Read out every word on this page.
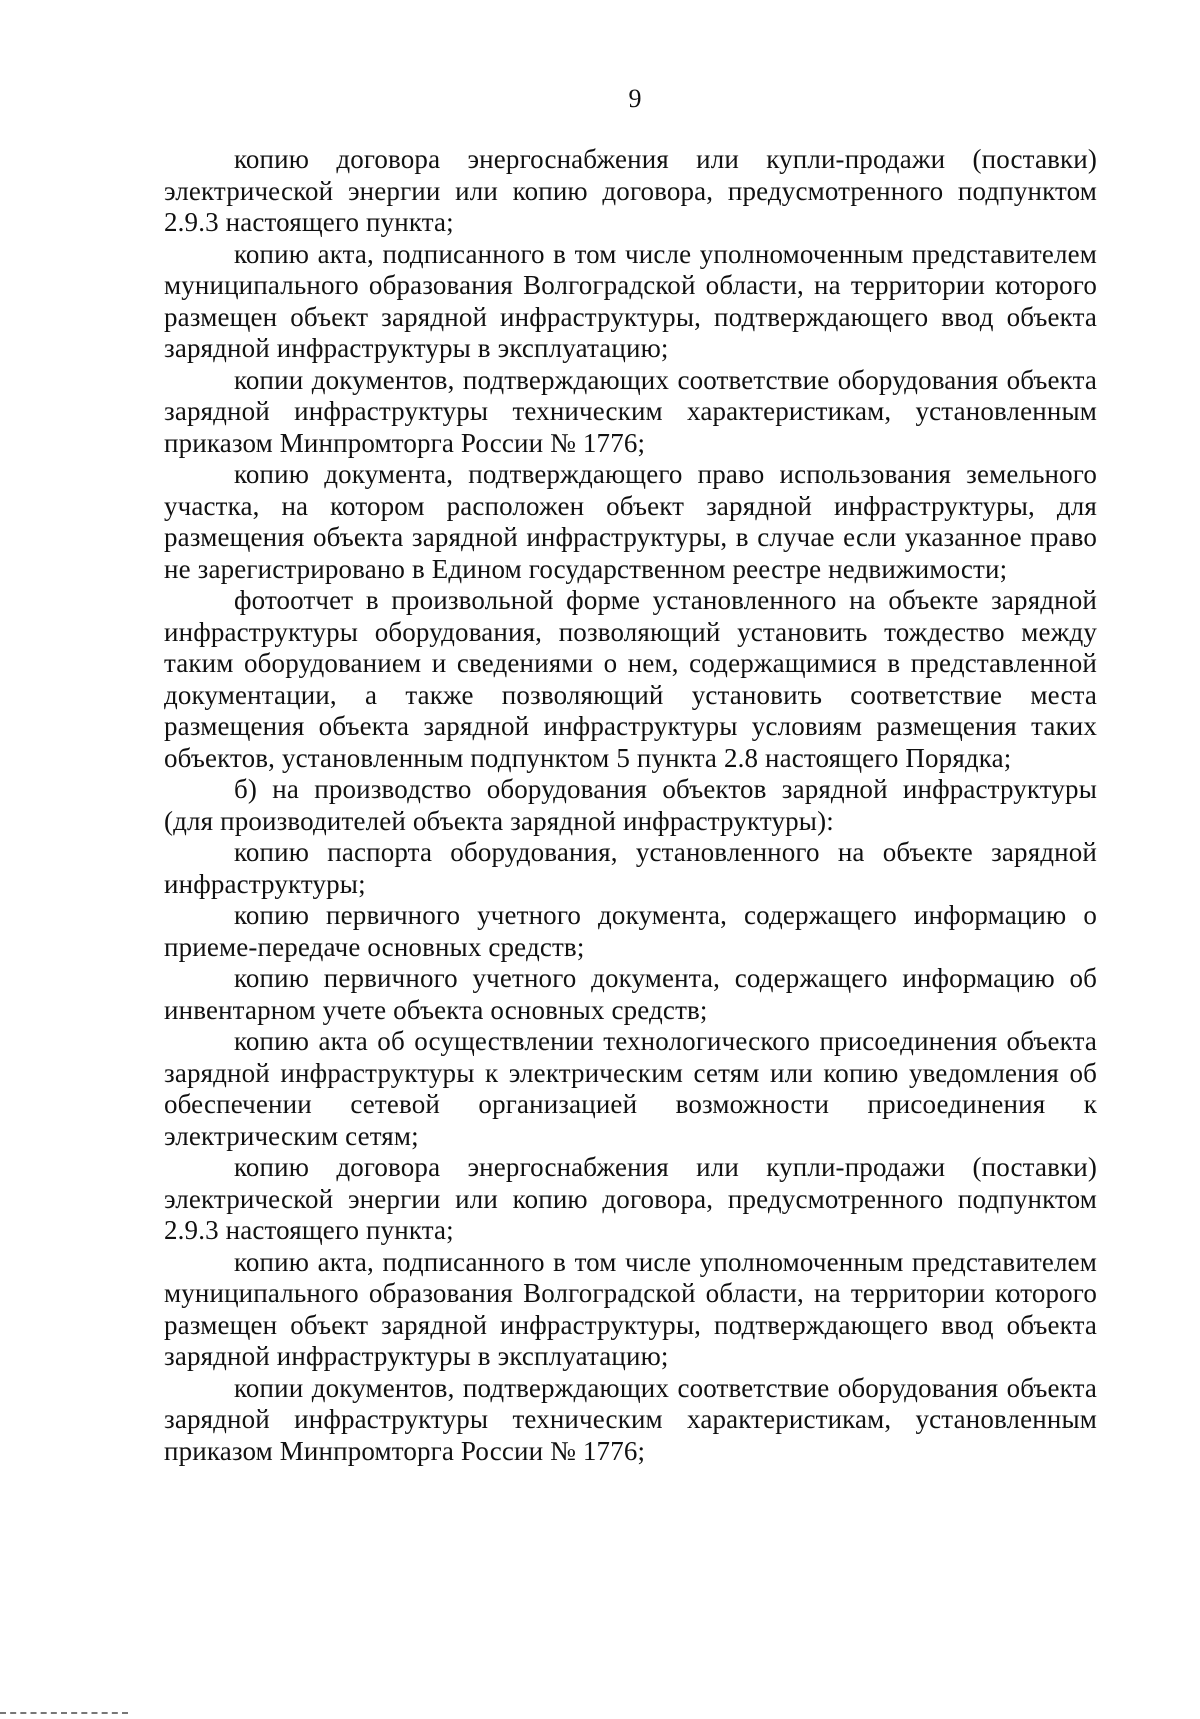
9

копию договора энергоснабжения или купли-продажи (поставки) электрической энергии или копию договора, предусмотренного подпунктом 2.9.3 настоящего пункта;

копию акта, подписанного в том числе уполномоченным представителем муниципального образования Волгоградской области, на территории которого размещен объект зарядной инфраструктуры, подтверждающего ввод объекта зарядной инфраструктуры в эксплуатацию;

копии документов, подтверждающих соответствие оборудования объекта зарядной инфраструктуры техническим характеристикам, установленным приказом Минпромторга России № 1776;

копию документа, подтверждающего право использования земельного участка, на котором расположен объект зарядной инфраструктуры, для размещения объекта зарядной инфраструктуры, в случае если указанное право не зарегистрировано в Едином государственном реестре недвижимости;

фотоотчет в произвольной форме установленного на объекте зарядной инфраструктуры оборудования, позволяющий установить тождество между таким оборудованием и сведениями о нем, содержащимися в представленной документации, а также позволяющий установить соответствие места размещения объекта зарядной инфраструктуры условиям размещения таких объектов, установленным подпунктом 5 пункта 2.8 настоящего Порядка;

б) на производство оборудования объектов зарядной инфраструктуры (для производителей объекта зарядной инфраструктуры):

копию паспорта оборудования, установленного на объекте зарядной инфраструктуры;

копию первичного учетного документа, содержащего информацию о приеме-передаче основных средств;

копию первичного учетного документа, содержащего информацию об инвентарном учете объекта основных средств;

копию акта об осуществлении технологического присоединения объекта зарядной инфраструктуры к электрическим сетям или копию уведомления об обеспечении сетевой организацией возможности присоединения к электрическим сетям;

копию договора энергоснабжения или купли-продажи (поставки) электрической энергии или копию договора, предусмотренного подпунктом 2.9.3 настоящего пункта;

копию акта, подписанного в том числе уполномоченным представителем муниципального образования Волгоградской области, на территории которого размещен объект зарядной инфраструктуры, подтверждающего ввод объекта зарядной инфраструктуры в эксплуатацию;

копии документов, подтверждающих соответствие оборудования объекта зарядной инфраструктуры техническим характеристикам, установленным приказом Минпромторга России № 1776;
